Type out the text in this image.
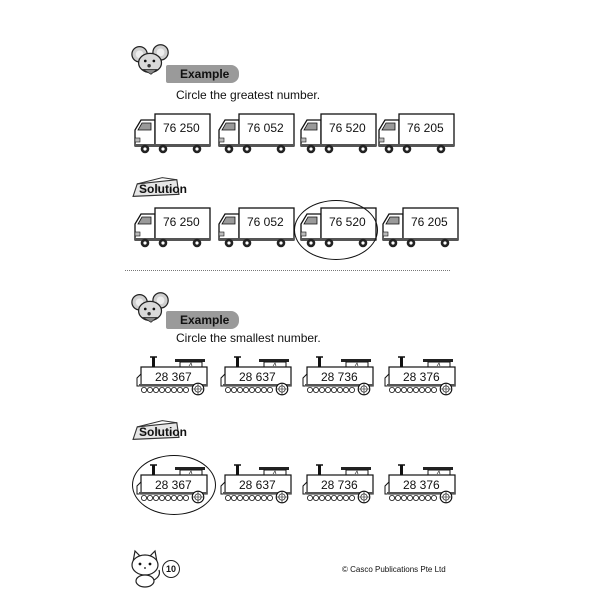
Example
Circle the greatest number.
76 250	76 052	76 520	76 205
Solution
76 250	76 052	76 520	76 205
Example
Circle the smallest number.
28 367	28 637	28 736	28 376
Solution
28 367	28 637	28 736	28 376
10	© Casco Publications Pte Ltd
